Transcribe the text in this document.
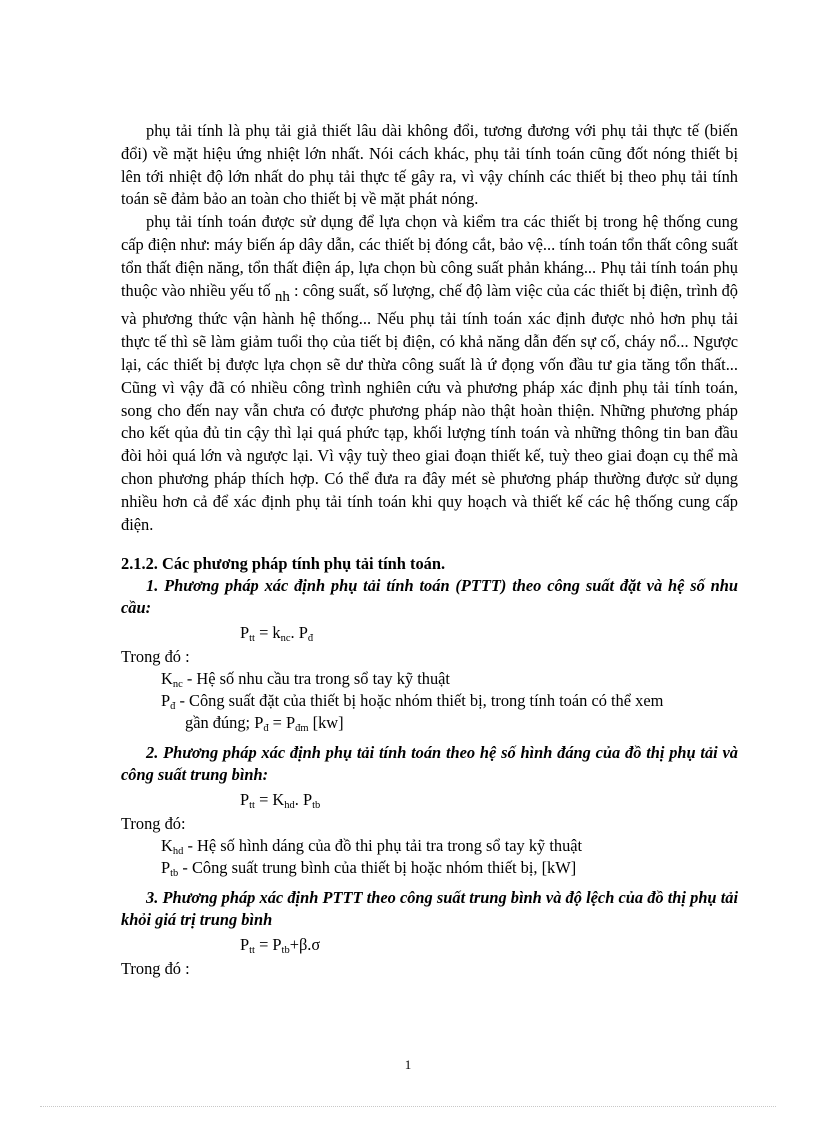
phụ tải tính là phụ tải giả thiết lâu dài không đổi, tương đương với phụ tải thực tế (biến đổi) về mặt hiệu ứng nhiệt lớn nhất. Nói cách khác, phụ tải tính toán cũng đốt nóng thiết bị lên tới nhiệt độ lớn nhất do phụ tải thực tế gây ra, vì vậy chính các thiết bị theo phụ tải tính toán sẽ đảm bảo an toàn cho thiết bị về mặt phát nóng.

phụ tải tính toán được sử dụng để lựa chọn và kiểm tra các thiết bị trong hệ thống cung cấp điện như: máy biến áp dây dẫn, các thiết bị đóng cắt, bảo vệ... tính toán tổn thất công suất tổn thất điện năng, tổn thất điện áp, lựa chọn bù công suất phản kháng... Phụ tải tính toán phụ thuộc vào nhiều yếu tố nh : công suất, số lượng, chế độ làm việc của các thiết bị điện, trình độ và phương thức vận hành hệ thống... Nếu phụ tải tính toán xác định được nhỏ hơn phụ tải thực tế thì sẽ làm giảm tuổi thọ của tiết bị điện, có khả năng dẫn đến sự cố, cháy nổ... Ngược lại, các thiết bị được lựa chọn sẽ dư thừa công suất là ứ đọng vốn đầu tư gia tăng tổn thất... Cũng vì vậy đã có nhiều công trình nghiên cứu và phương pháp xác định phụ tải tính toán, song cho đến nay vẫn chưa có được phương pháp nào thật hoàn thiện. Những phương pháp cho kết qủa đủ tin cậy thì lại quá phức tạp, khối lượng tính toán và những thông tin ban đầu đòi hỏi quá lớn và ngược lại. Vì vậy tuỳ theo giai đoạn thiết kế, tuỳ theo giai đoạn cụ thể mà chon phương pháp thích hợp. Có thể đưa ra đây mét sè phương pháp thường được sử dụng nhiều hơn cả để xác định phụ tải tính toán khi quy hoạch và thiết kế các hệ thống cung cấp điện.

2.1.2. Các phương pháp tính phụ tải tính toán.

1. Phương pháp xác định phụ tải tính toán (PTTT) theo công suất đặt và hệ số nhu cầu:

$P_{tt} = k_{nc}$. $P_đ$

Trong đó :

$K_{nc}$ - Hệ số nhu cầu tra trong sổ tay kỹ thuật

$P_đ$ - Công suất đặt của thiết bị hoặc nhóm thiết bị, trong tính toán có thể xem
gần đúng; $P_đ = P_{đm}$ [kw]

2. Phương pháp xác định phụ tải tính toán theo hệ số hình đáng của đồ thị phụ tải và công suất trung bình:

$P_{tt} = K_{hd}$. $P_{tb}$

Trong đó:

$K_{hd}$ - Hệ số hình dáng của đồ thi phụ tải tra trong sổ tay kỹ thuật

$P_{tb}$ - Công suất trung bình của thiết bị hoặc nhóm thiết bị, [kW]

3. Phương pháp xác định PTTT theo công suất trung bình và độ lệch của đồ thị phụ tải khỏi giá trị trung bình

$P_{tt} = P_{tb}+\beta.\sigma$

Trong đó :

1
